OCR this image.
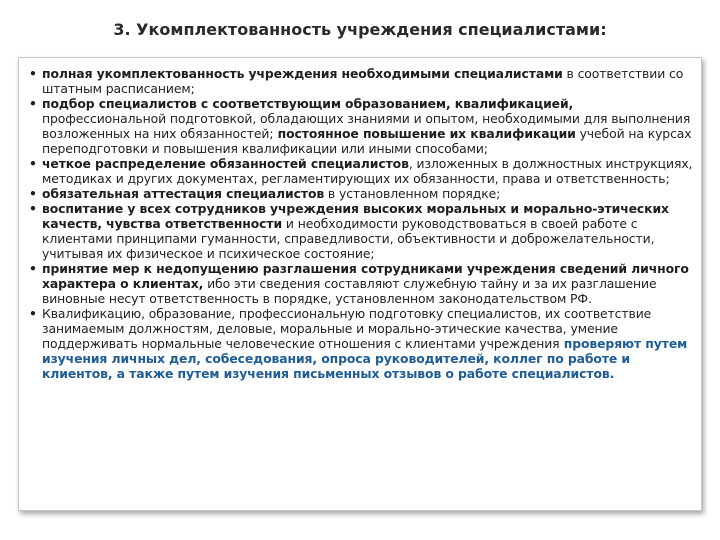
3. Укомплектованность учреждения специалистами:
• полная укомплектованность учреждения необходимыми специалистами в соответствии со штатным расписанием;
• подбор специалистов с соответствующим образованием, квалификацией, профессиональной подготовкой, обладающих знаниями и опытом, необходимыми для выполнения возложенных на них обязанностей; постоянное повышение их квалификации учебой на курсах переподготовки и повышения квалификации или иными способами;
• четкое распределение обязанностей специалистов, изложенных в должностных инструкциях, методиках и других документах, регламентирующих их обязанности, права и ответственность;
• обязательная аттестация специалистов в установленном порядке;
• воспитание у всех сотрудников учреждения высоких моральных и морально-этических качеств, чувства ответственности и необходимости руководствоваться в своей работе с клиентами принципами гуманности, справедливости, объективности и доброжелательности, учитывая их физическое и психическое состояние;
• принятие мер к недопущению разглашения сотрудниками учреждения сведений личного характера о клиентах, ибо эти сведения составляют служебную тайну и за их разглашение виновные несут ответственность в порядке, установленном законодательством РФ.
• Квалификацию, образование, профессиональную подготовку специалистов, их соответствие занимаемым должностям, деловые, моральные и морально-этические качества, умение поддерживать нормальные человеческие отношения с клиентами учреждения проверяют путем изучения личных дел, собеседования, опроса руководителей, коллег по работе и клиентов, а также путем изучения письменных отзывов о работе специалистов.
